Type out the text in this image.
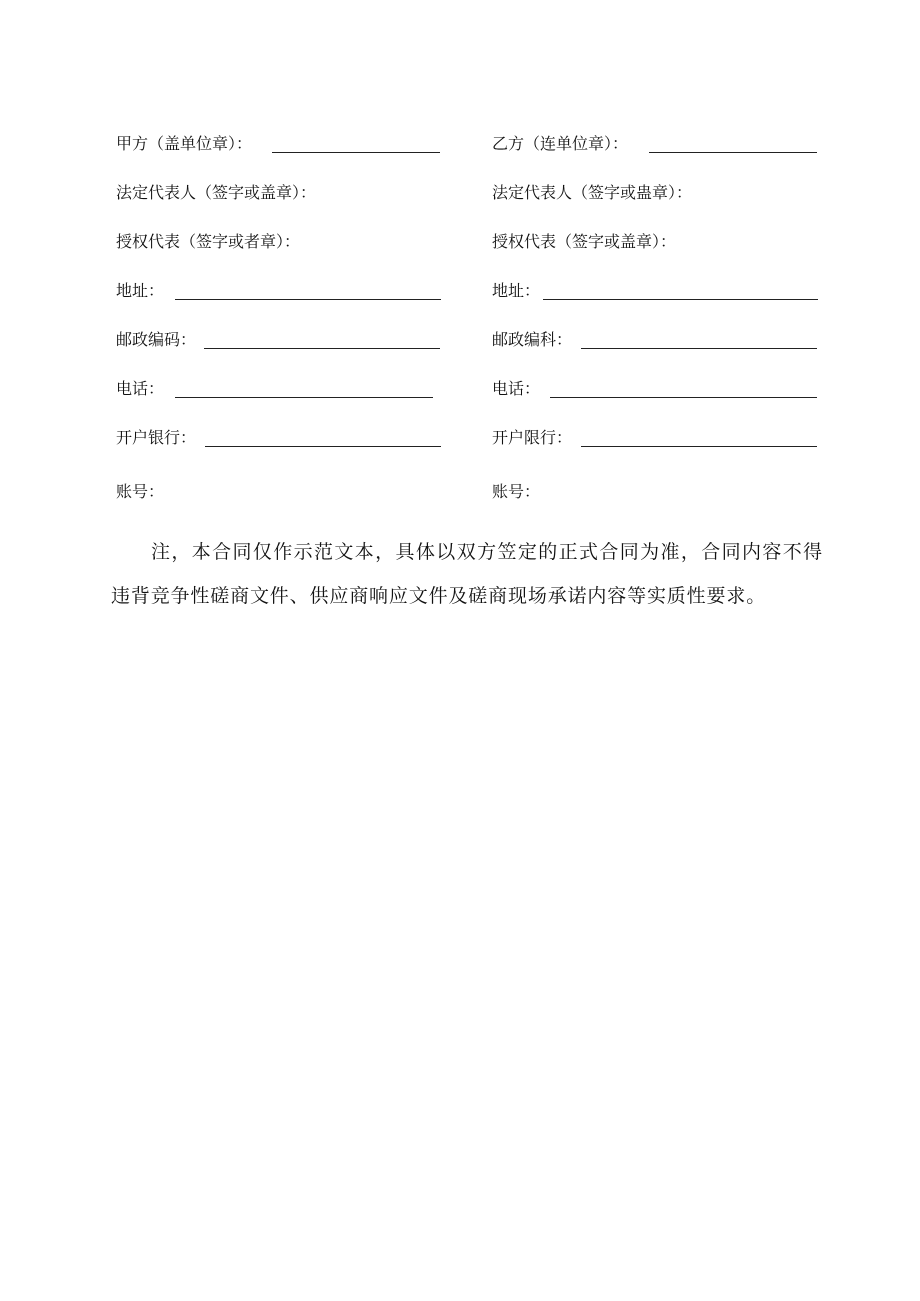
甲方（盖单位章）：
法定代表人（签字或盖章）：
授权代表（签字或者章）：
地址：
邮政编码：
电话：
开户银行：
账号：
乙方（连单位章）：
法定代表人（签字或蛊章）：
授权代表（签字或盖章）：
地址：
邮政编科：
电话：
开户限行：
账号：

注，本合同仅作示范文本，具体以双方笠定的正式合同为准，合同内容不得违背竞争性磋商文件、供应商响应文件及磋商现场承诺内容等实质性要求。
